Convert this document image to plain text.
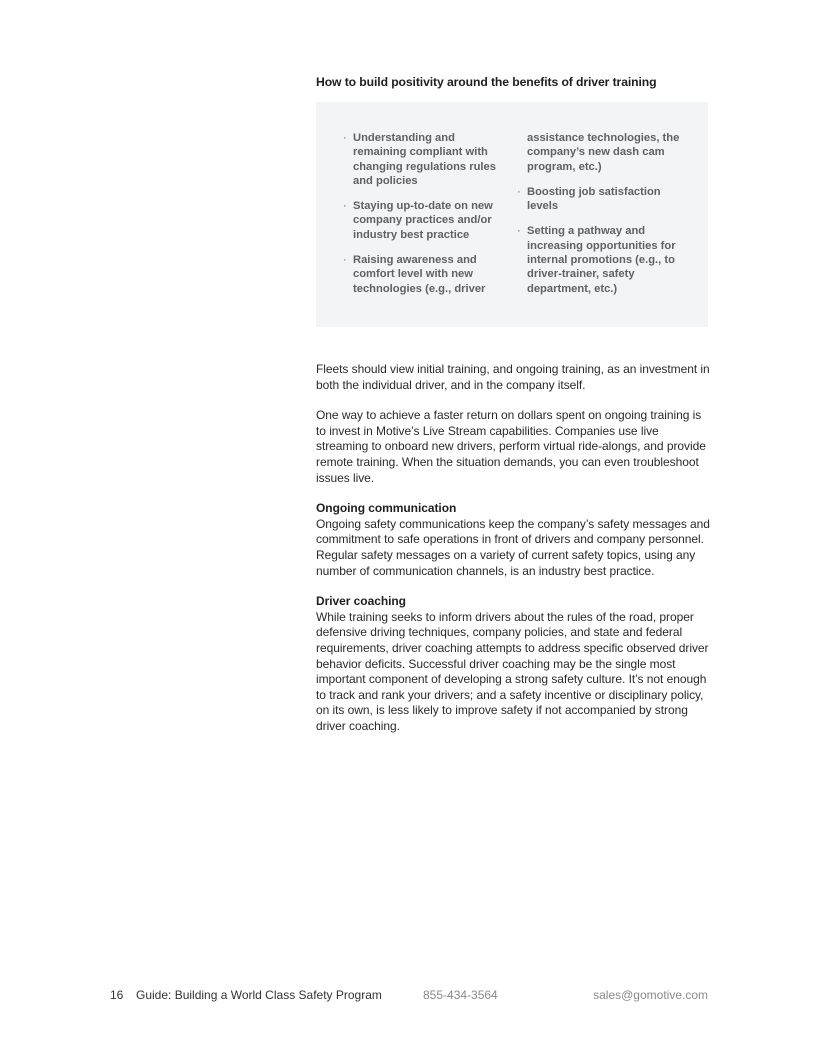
How to build positivity around the benefits of driver training
· Understanding and remaining compliant with changing regulations rules and policies
· Staying up-to-date on new company practices and/or industry best practice
· Raising awareness and comfort level with new technologies (e.g., driver
assistance technologies, the company’s new dash cam program, etc.)
· Boosting job satisfaction levels
· Setting a pathway and increasing opportunities for internal promotions (e.g., to driver-trainer, safety department, etc.)

Fleets should view initial training, and ongoing training, as an investment in both the individual driver, and in the company itself.

One way to achieve a faster return on dollars spent on ongoing training is to invest in Motive’s Live Stream capabilities. Companies use live streaming to onboard new drivers, perform virtual ride-alongs, and provide remote training. When the situation demands, you can even troubleshoot issues live.

Ongoing communication
Ongoing safety communications keep the company’s safety messages and commitment to safe operations in front of drivers and company personnel. Regular safety messages on a variety of current safety topics, using any number of communication channels, is an industry best practice.

Driver coaching
While training seeks to inform drivers about the rules of the road, proper defensive driving techniques, company policies, and state and federal requirements, driver coaching attempts to address specific observed driver behavior deficits. Successful driver coaching may be the single most important component of developing a strong safety culture. It’s not enough to track and rank your drivers; and a safety incentive or disciplinary policy, on its own, is less likely to improve safety if not accompanied by strong driver coaching.

16 Guide: Building a World Class Safety Program	855-434-3564	sales@gomotive.com
